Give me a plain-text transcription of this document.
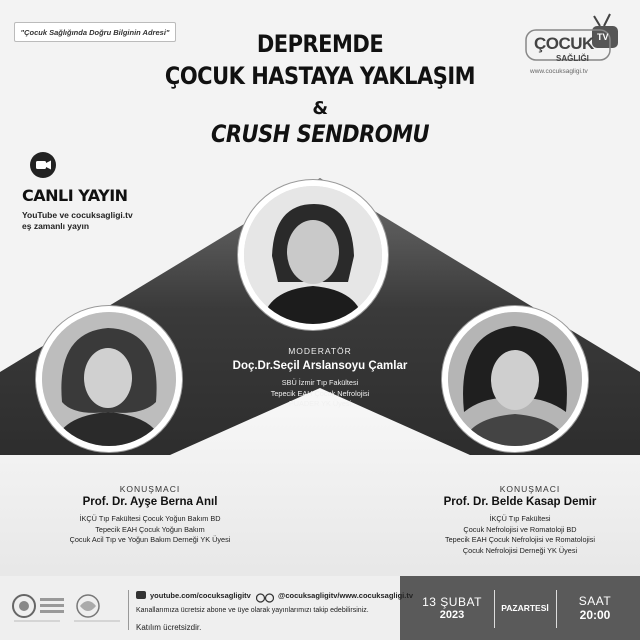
"Çocuk Sağlığında Doğru Bilginin Adresi"	DEPREMDE
ÇOCUK HASTAYA YAKLAŞIM
&
CRUSH SENDROMU
ÇOCUK TV
SAĞLIĞI
www.cocuksagligi.tv
CANLI YAYIN
YouTube ve cocuksagligi.tv
eş zamanlı yayın
MODERATÖR
Doç.Dr.Seçil Arslansoyu Çamlar
SBÜ İzmir Tıp Fakültesi
Tepecik EAH Çocuk Nefrolojisi
PUADER YK Üyesi
KONUŞMACI
Prof. Dr. Ayşe Berna Anıl
İKÇÜ Tıp Fakültesi Çocuk Yoğun Bakım BD
Tepecik EAH Çocuk Yoğun Bakım
Çocuk Acil Tıp ve Yoğun Bakım Derneği YK Üyesi
KONUŞMACI
Prof. Dr. Belde Kasap Demir
İKÇÜ Tıp Fakültesi
Çocuk Nefrolojisi ve Romatoloji BD
Tepecik EAH Çocuk Nefrolojisi ve Romatolojisi
Çocuk Nefrolojisi Derneği YK Üyesi
youtube.com/cocuksagligitv	@cocuksagligitv/www.cocuksagligi.tv
Kanallarımıza ücretsiz abone ve üye olarak yayınlarımızı takip edebilirsiniz.
Katılım ücretsizdir.
13 ŞUBAT
2023
PAZARTESİ	SAAT
20:00
